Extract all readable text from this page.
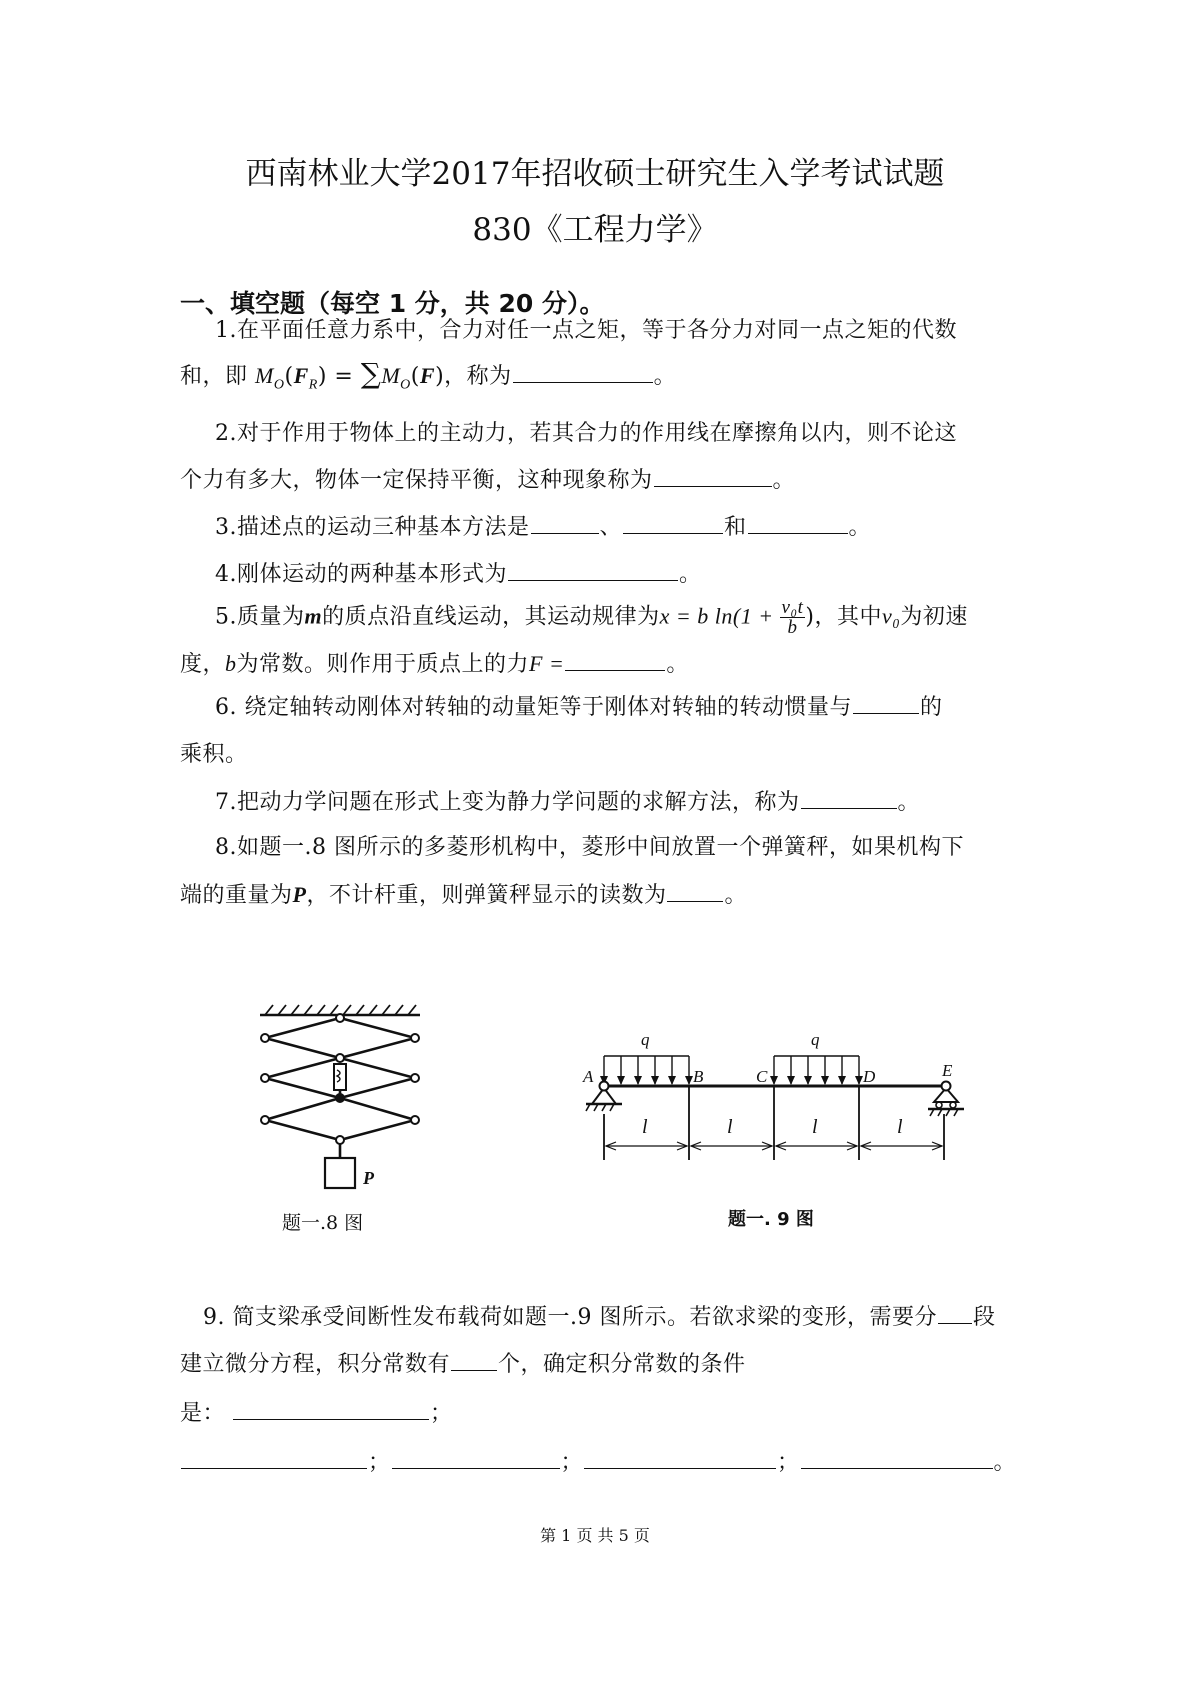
西南林业大学2017年招收硕士研究生入学考试试题
830《工程力学》
一、填空题（每空 1 分，共 20 分）。
1.在平面任意力系中，合力对任一点之矩，等于各分力对同一点之矩的代数
和，即 $M_O(F_R) = \sum M_O(F)$，称为	。
2.对于作用于物体上的主动力，若其合力的作用线在摩擦角以内，则不论这
个力有多大，物体一定保持平衡，这种现象称为	。
3.描述点的运动三种基本方法是	、	和	。
4.刚体运动的两种基本形式为	。
5.质量为m的质点沿直线运动，其运动规律为x = b $\ln(1 + \frac{\text{v₀t}}{b}$ )，其中v₀为初速
度，b为常数。则作用于质点上的力F =	。
6. 绕定轴转动刚体对转轴的动量矩等于刚体对转轴的转动惯量与	的
乘积。
7.把动力学问题在形式上变为静力学问题的求解方法，称为	。
8.如题一.8 图所示的多菱形机构中，菱形中间放置一个弹簧秤，如果机构下
端的重量为P，不计杆重，则弹簧秤显示的读数为	。
P
题一.8 图
q	q
A	B	C	D	E
l	l	l	l
题一. 9 图
9. 简支梁承受间断性发布载荷如题一.9 图所示。若欲求梁的变形，需要分 段
建立微分方程，积分常数有 个，确定积分常数的条件
是：	；
；	；	；	。
第 1 页 共 5 页
